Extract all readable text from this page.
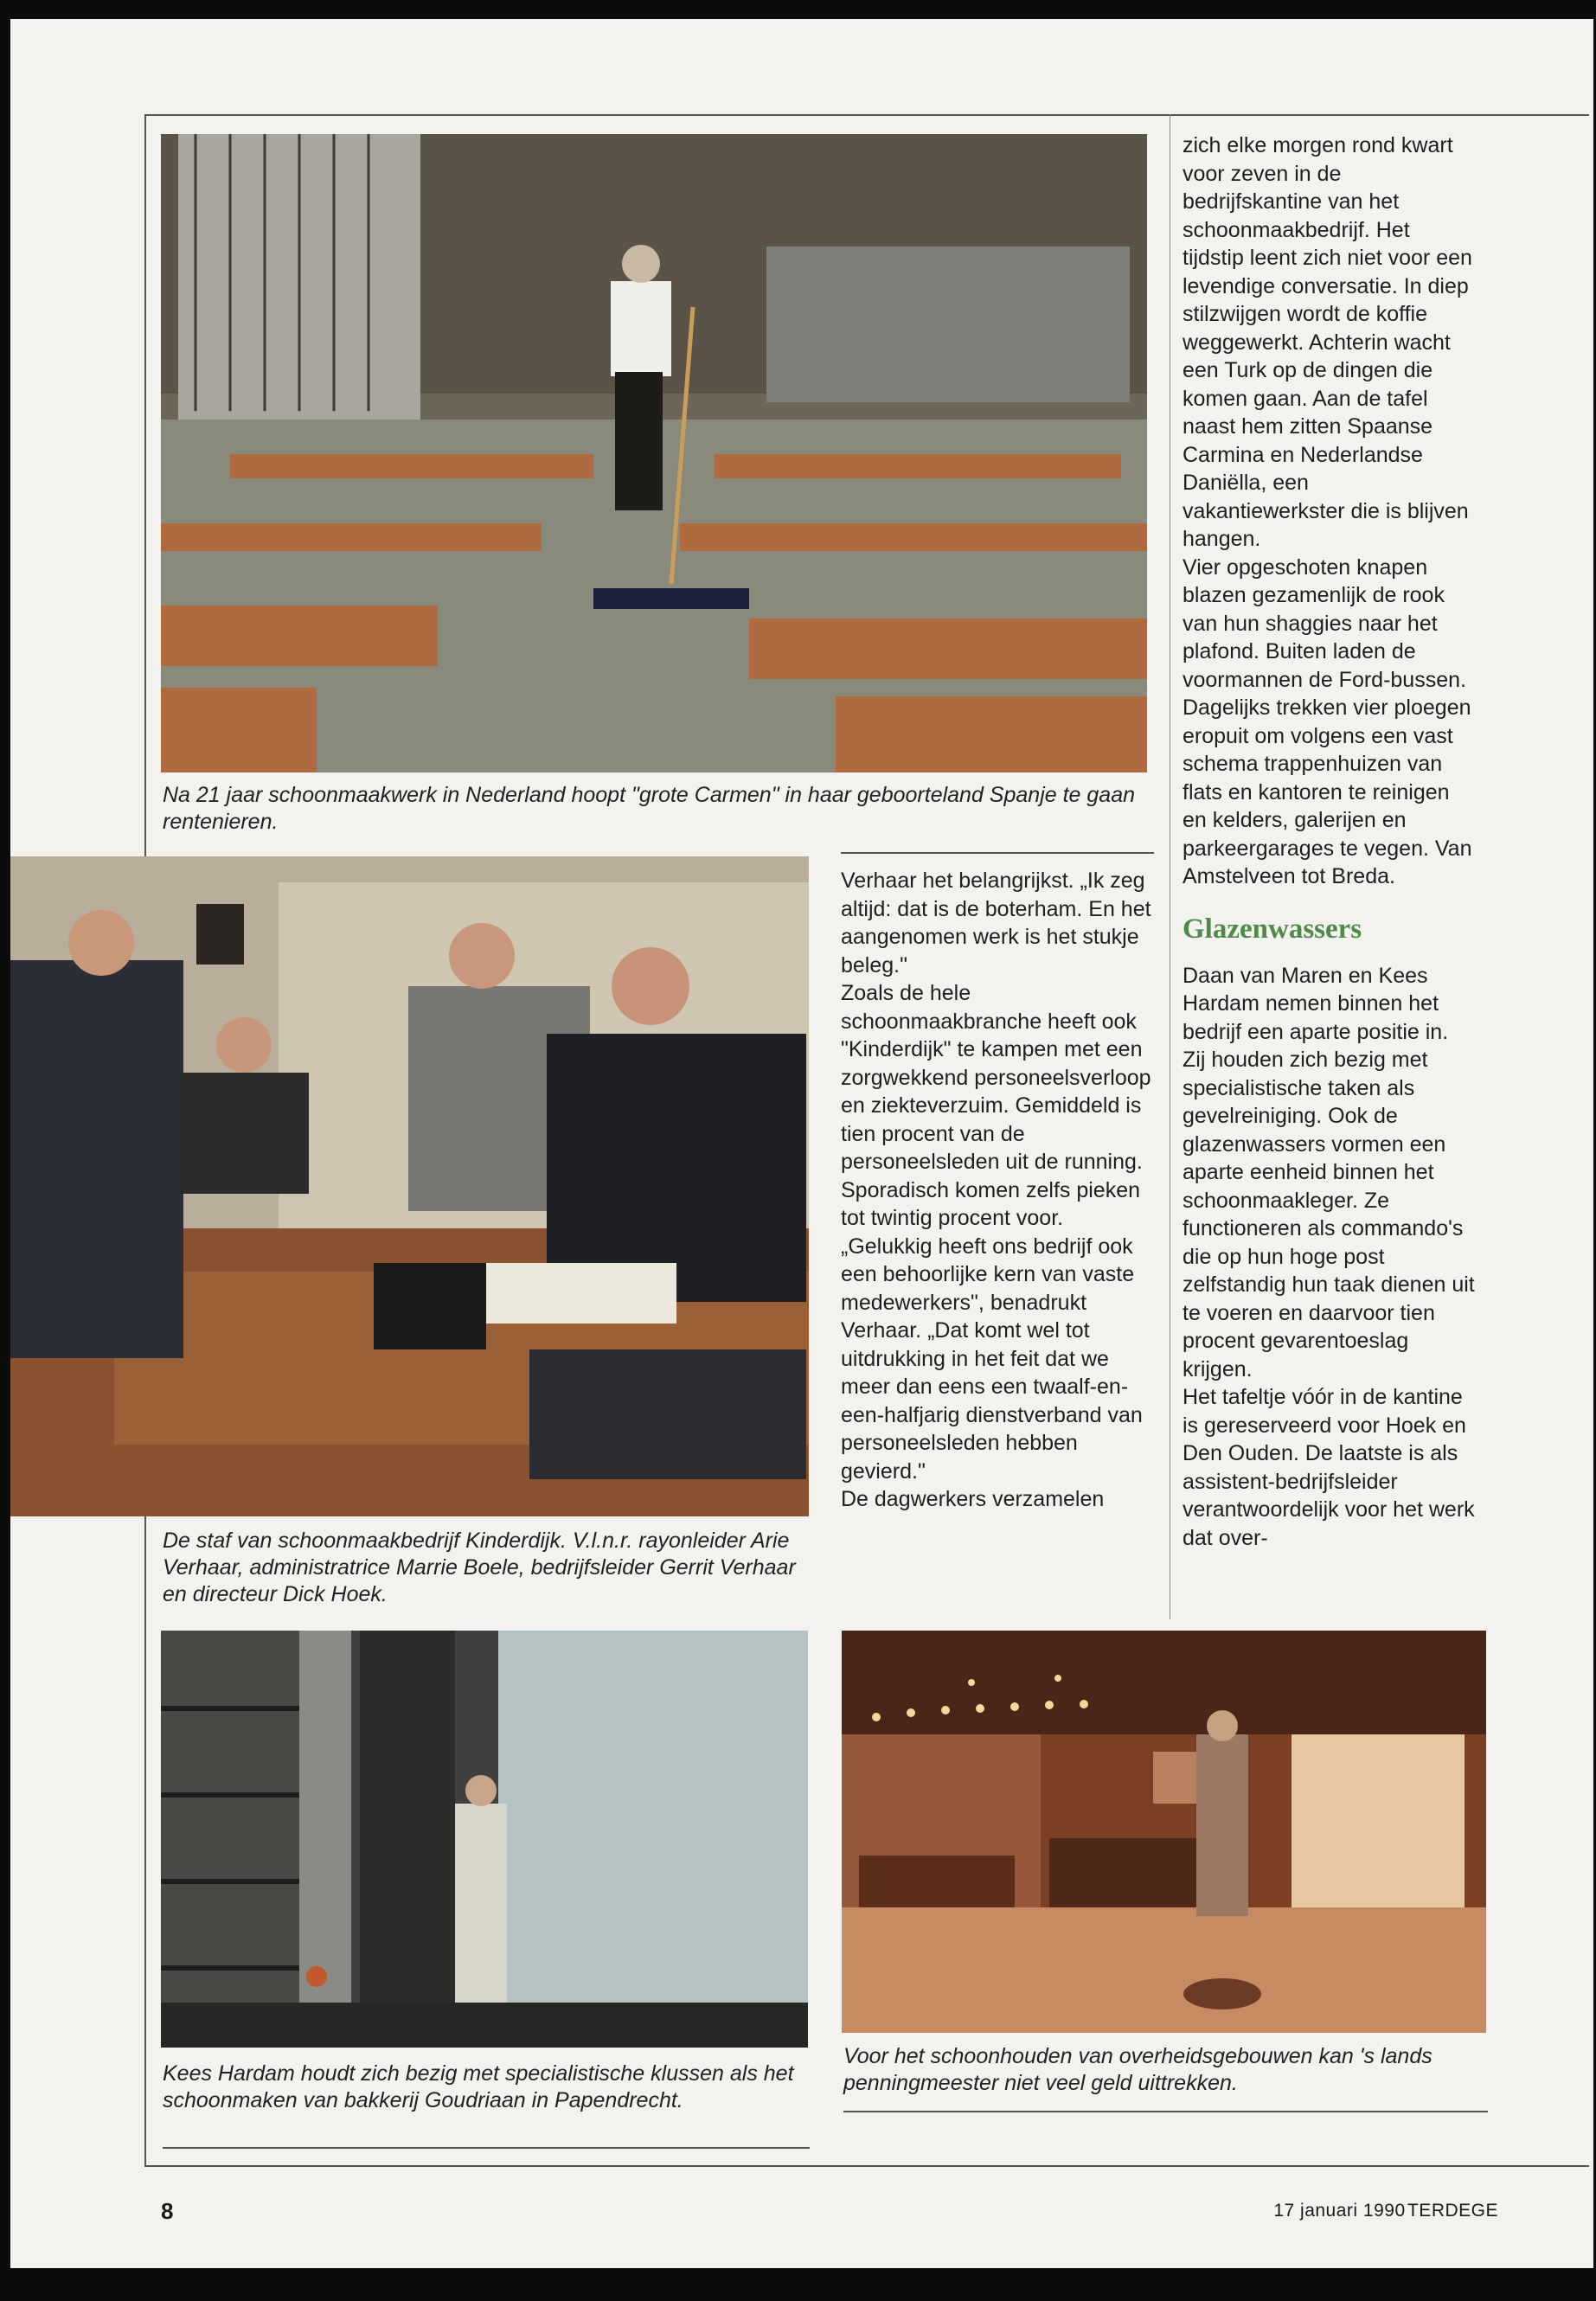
Na 21 jaar schoonmaakwerk in Nederland hoopt "grote Carmen" in haar geboorteland Spanje te gaan rentenieren.

De staf van schoonmaakbedrijf Kinderdijk. V.l.n.r. rayonleider Arie Verhaar, administratrice Marrie Boele, bedrijfsleider Gerrit Verhaar en directeur Dick Hoek.

Verhaar het belangrijkst. „Ik zeg altijd: dat is de boterham. En het aangenomen werk is het stukje beleg."

Zoals de hele schoonmaakbranche heeft ook "Kinderdijk" te kampen met een zorgwekkend personeelsverloop en ziekteverzuim. Gemiddeld is tien procent van de personeelsleden uit de running. Sporadisch komen zelfs pieken tot twintig procent voor. „Gelukkig heeft ons bedrijf ook een behoorlijke kern van vaste medewerkers", benadrukt Verhaar. „Dat komt wel tot uitdrukking in het feit dat we meer dan eens een twaalf-en-een-halfjarig dienstverband van personeelsleden hebben gevierd."

De dagwerkers verzamelen

zich elke morgen rond kwart voor zeven in de bedrijfskantine van het schoonmaakbedrijf. Het tijdstip leent zich niet voor een levendige conversatie. In diep stilzwijgen wordt de koffie weggewerkt. Achterin wacht een Turk op de dingen die komen gaan. Aan de tafel naast hem zitten Spaanse Carmina en Nederlandse Daniëlla, een vakantiewerkster die is blijven hangen.

Vier opgeschoten knapen blazen gezamenlijk de rook van hun shaggies naar het plafond. Buiten laden de voormannen de Ford-bussen. Dagelijks trekken vier ploegen eropuit om volgens een vast schema trappenhuizen van flats en kantoren te reinigen en kelders, galerijen en parkeergarages te vegen. Van Amstelveen tot Breda.

Glazenwassers

Daan van Maren en Kees Hardam nemen binnen het bedrijf een aparte positie in. Zij houden zich bezig met specialistische taken als gevelreiniging. Ook de glazenwassers vormen een aparte eenheid binnen het schoonmaakleger. Ze functioneren als commando's die op hun hoge post zelfstandig hun taak dienen uit te voeren en daarvoor tien procent gevarentoeslag krijgen.

Het tafeltje vóór in de kantine is gereserveerd voor Hoek en Den Ouden. De laatste is als assistent-bedrijfsleider verantwoordelijk voor het werk dat over-

Kees Hardam houdt zich bezig met specialistische klussen als het schoonmaken van bakkerij Goudriaan in Papendrecht.

Voor het schoonhouden van overheidsgebouwen kan 's lands penningmeester niet veel geld uittrekken.

8	17 januari 1990 TERDEGE
